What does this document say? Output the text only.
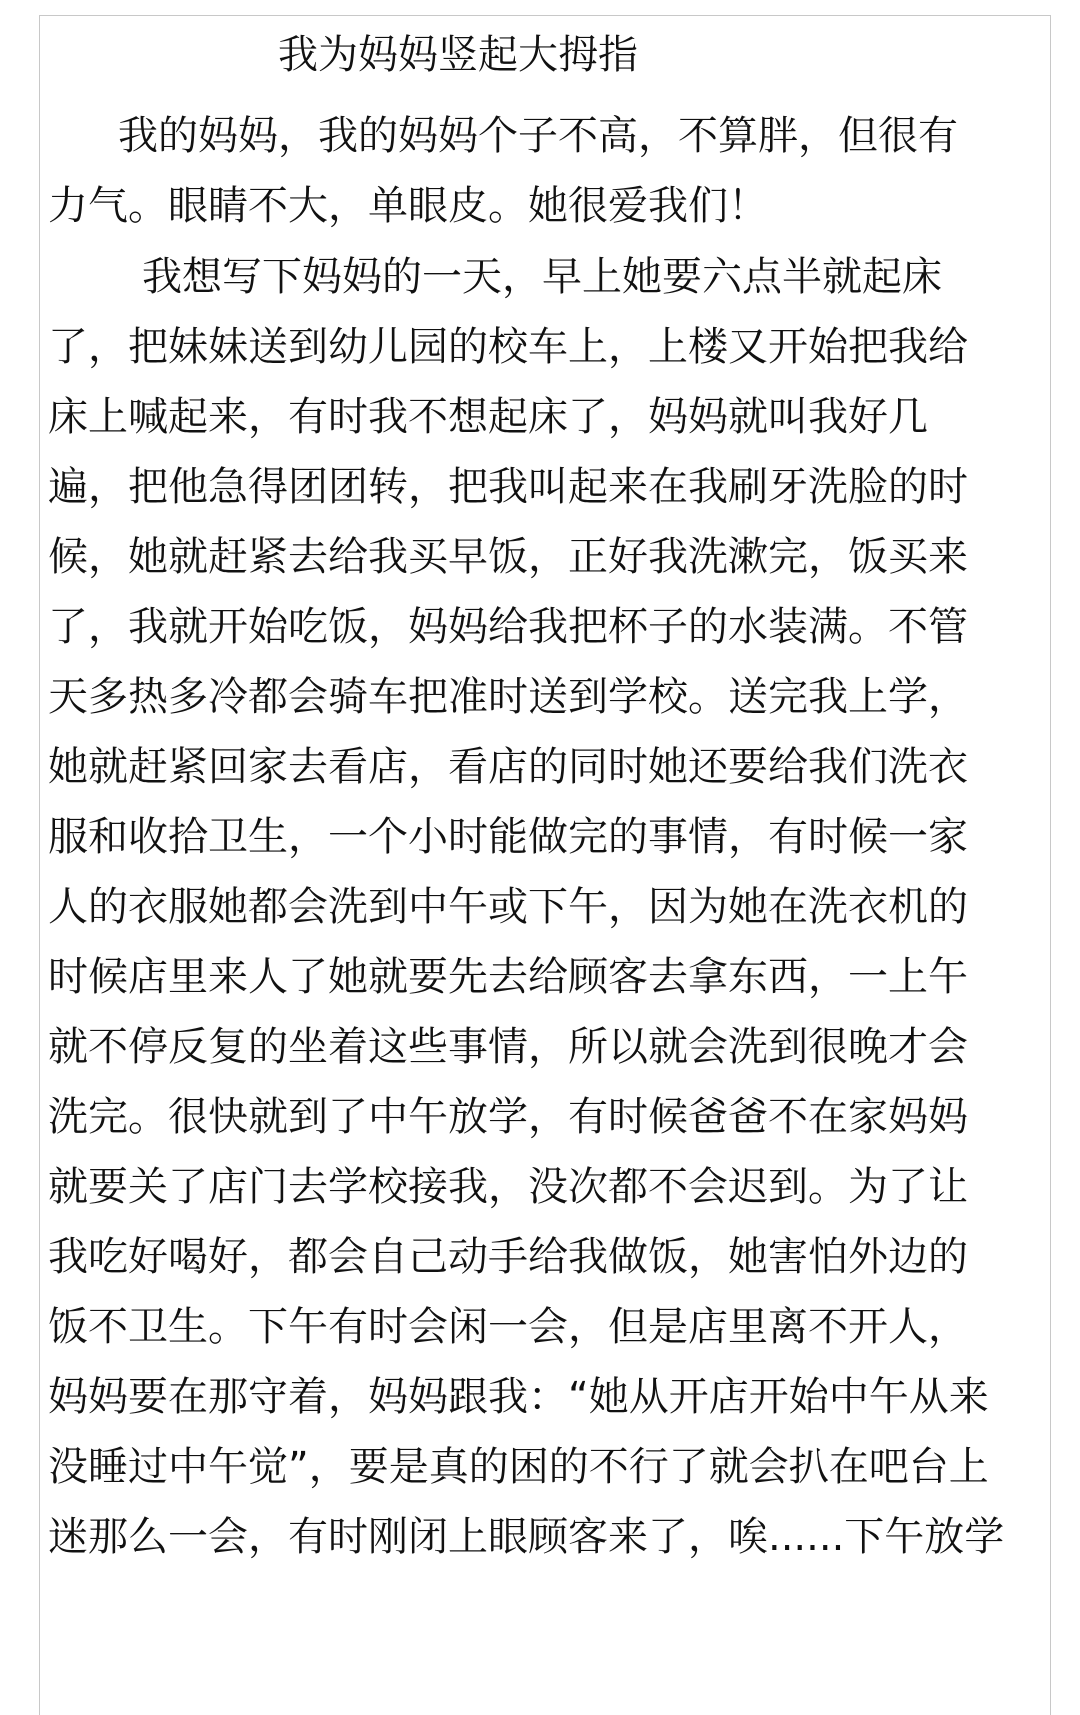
我为妈妈竖起大拇指

我的妈妈，我的妈妈个子不高，不算胖，但很有

力气。眼睛不大，单眼皮。她很爱我们！

我想写下妈妈的一天，早上她要六点半就起床

了，把妹妹送到幼儿园的校车上，上楼又开始把我给

床上喊起来，有时我不想起床了，妈妈就叫我好几

遍，把他急得团团转，把我叫起来在我刷牙洗脸的时

候，她就赶紧去给我买早饭，正好我洗漱完，饭买来

了，我就开始吃饭，妈妈给我把杯子的水装满。不管

天多热多冷都会骑车把准时送到学校。送完我上学，

她就赶紧回家去看店，看店的同时她还要给我们洗衣

服和收拾卫生，一个小时能做完的事情，有时候一家

人的衣服她都会洗到中午或下午，因为她在洗衣机的

时候店里来人了她就要先去给顾客去拿东西，一上午

就不停反复的坐着这些事情，所以就会洗到很晚才会

洗完。很快就到了中午放学，有时候爸爸不在家妈妈

就要关了店门去学校接我，没次都不会迟到。为了让

我吃好喝好，都会自己动手给我做饭，她害怕外边的

饭不卫生。下午有时会闲一会，但是店里离不开人，

妈妈要在那守着，妈妈跟我：“她从开店开始中午从来

没睡过中午觉”，要是真的困的不行了就会扒在吧台上

迷那么一会，有时刚闭上眼顾客来了，唉......下午放学
